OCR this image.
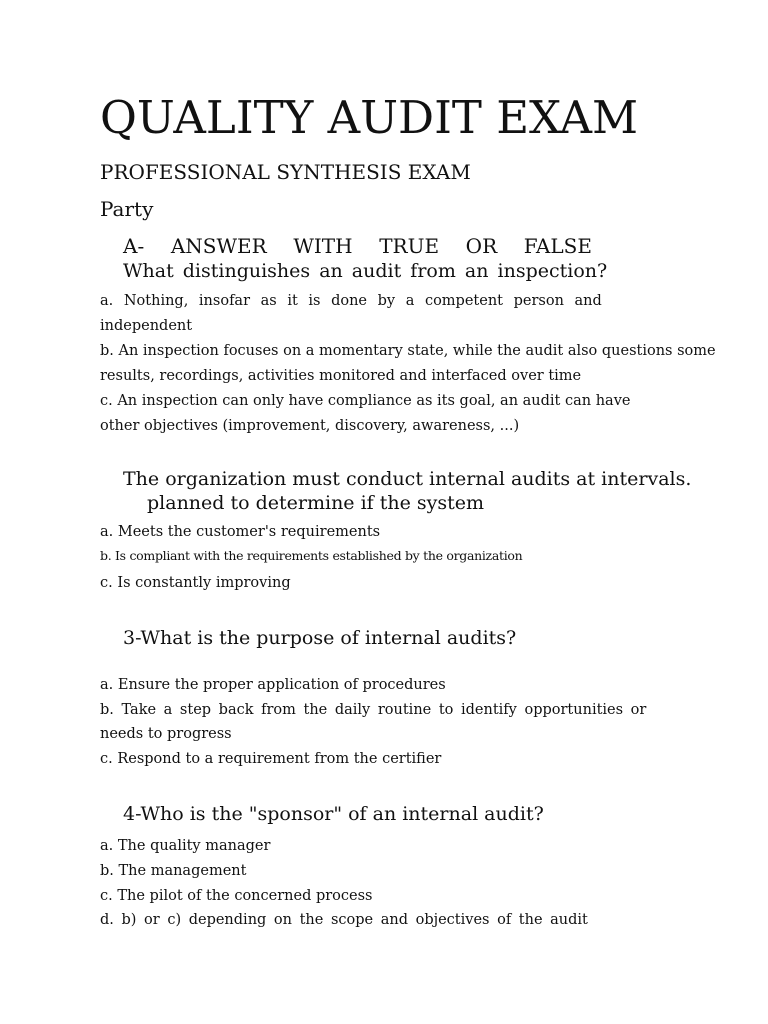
QUALITY AUDIT EXAM
PROFESSIONAL SYNTHESIS EXAM
Party
A- ANSWER WITH TRUE OR FALSE
What distinguishes an audit from an inspection?
a. Nothing, insofar as it is done by a competent person and
independent
b. An inspection focuses on a momentary state, while the audit also questions some
results, recordings, activities monitored and interfaced over time
c. An inspection can only have compliance as its goal, an audit can have
other objectives (improvement, discovery, awareness, ...)
The organization must conduct internal audits at intervals.
planned to determine if the system
a. Meets the customer's requirements
b. Is compliant with the requirements established by the organization
c. Is constantly improving
3-What is the purpose of internal audits?
a. Ensure the proper application of procedures
b. Take a step back from the daily routine to identify opportunities or
needs to progress
c. Respond to a requirement from the certifier
4-Who is the "sponsor" of an internal audit?
a. The quality manager
b. The management
c. The pilot of the concerned process
d. b) or c) depending on the scope and objectives of the audit
